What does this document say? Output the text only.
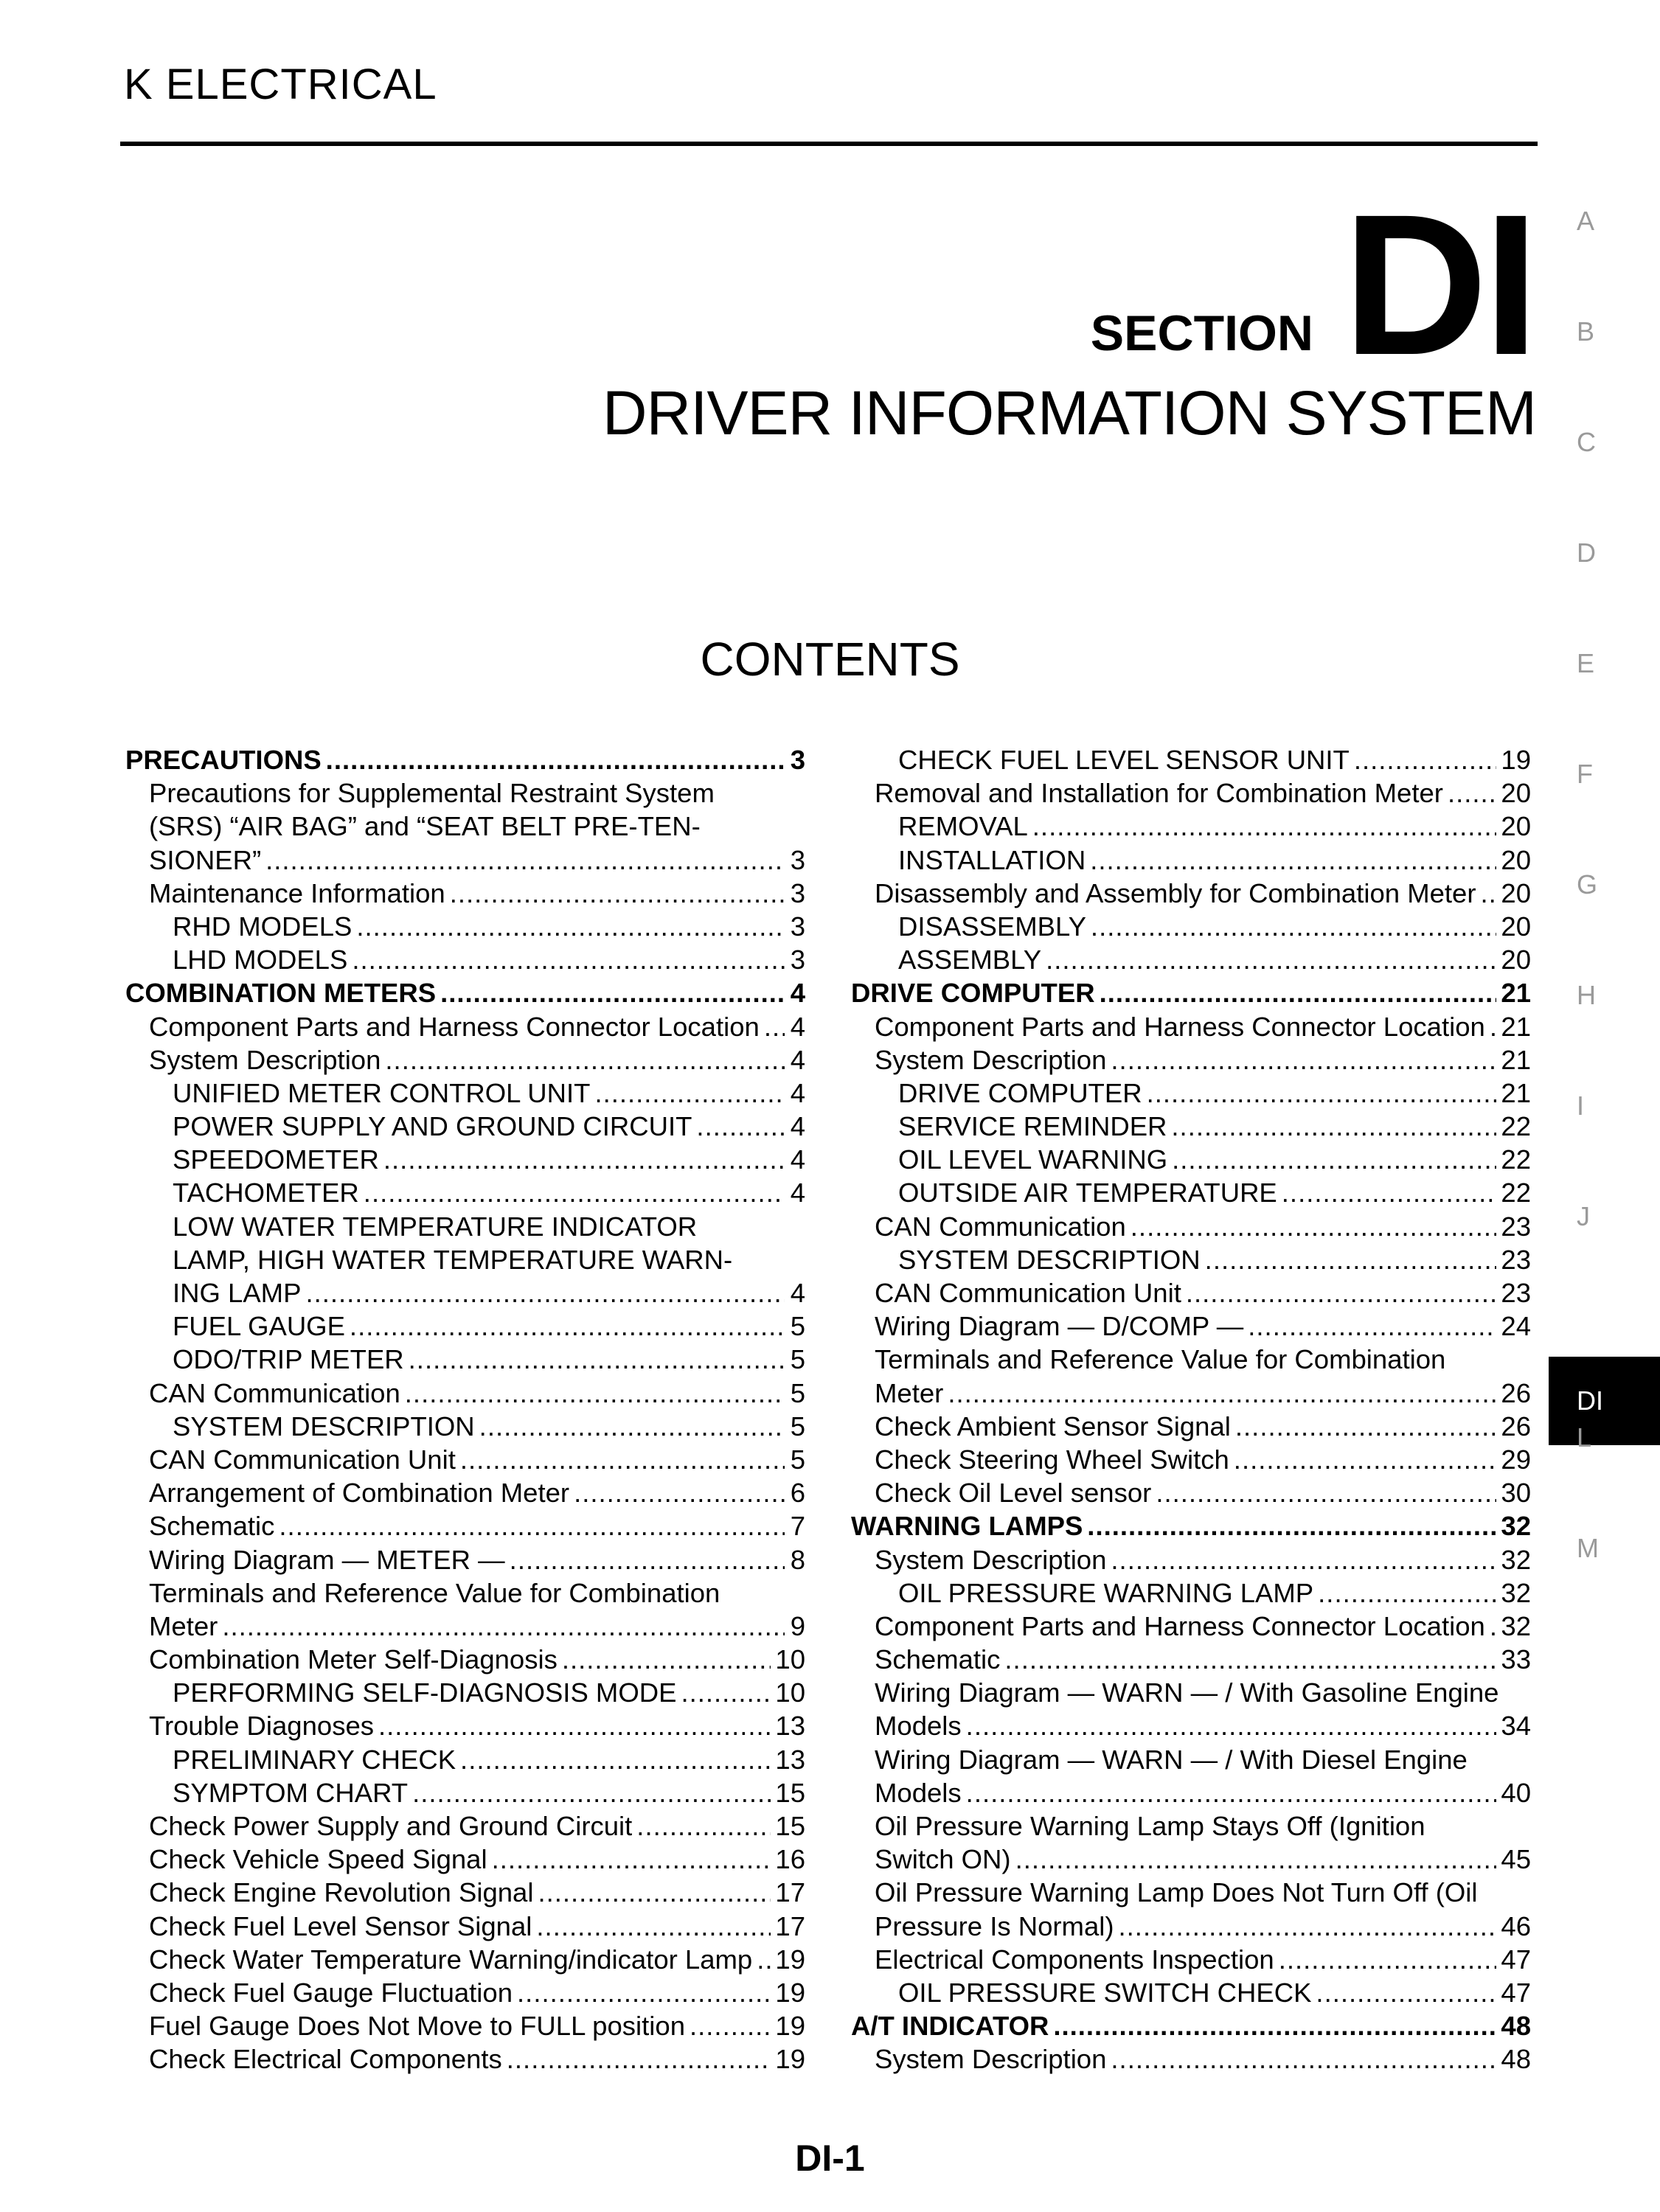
K ELECTRICAL
SECTION DI
DRIVER INFORMATION SYSTEM
CONTENTS
A
B
C
D
E
F
G
H
I
J
DI
L
M
PRECAUTIONS .....	3
Precautions for Supplemental Restraint System
(SRS) “AIR BAG” and “SEAT BELT PRE-TEN-
SIONER” .....	3
Maintenance Information .....	3
RHD MODELS .....	3
LHD MODELS .....	3
COMBINATION METERS .....	4
Component Parts and Harness Connector Location ..... 4
System Description .....	4
UNIFIED METER CONTROL UNIT .....	4
POWER SUPPLY AND GROUND CIRCUIT .....	4
SPEEDOMETER .....	4
TACHOMETER .....	4
LOW WATER TEMPERATURE INDICATOR
LAMP, HIGH WATER TEMPERATURE WARN-
ING LAMP .....	4
FUEL GAUGE .....	5
ODO/TRIP METER .....	5
CAN Communication .....	5
SYSTEM DESCRIPTION .....	5
CAN Communication Unit .....	5
Arrangement of Combination Meter .....	6
Schematic .....	7
Wiring Diagram — METER — .....	8
Terminals and Reference Value for Combination
Meter .....	9
Combination Meter Self-Diagnosis .....	10
PERFORMING SELF-DIAGNOSIS MODE .....	10
Trouble Diagnoses .....	13
PRELIMINARY CHECK .....	13
SYMPTOM CHART .....	15
Check Power Supply and Ground Circuit .....	15
Check Vehicle Speed Signal .....	16
Check Engine Revolution Signal .....	17
Check Fuel Level Sensor Signal .....	17
Check Water Temperature Warning/indicator Lamp ..... 19
Check Fuel Gauge Fluctuation .....	19
Fuel Gauge Does Not Move to FULL position .....	19
Check Electrical Components .....	19
CHECK FUEL LEVEL SENSOR UNIT .....	19
Removal and Installation for Combination Meter ..... 20
REMOVAL .....	20
INSTALLATION .....	20
Disassembly and Assembly for Combination Meter ..... 20
DISASSEMBLY .....	20
ASSEMBLY .....	20
DRIVE COMPUTER .....	21
Component Parts and Harness Connector Location ..... 21
System Description .....	21
DRIVE COMPUTER .....	21
SERVICE REMINDER .....	22
OIL LEVEL WARNING .....	22
OUTSIDE AIR TEMPERATURE .....	22
CAN Communication .....	23
SYSTEM DESCRIPTION .....	23
CAN Communication Unit .....	23
Wiring Diagram — D/COMP — .....	24
Terminals and Reference Value for Combination
Meter .....	26
Check Ambient Sensor Signal .....	26
Check Steering Wheel Switch .....	29
Check Oil Level sensor .....	30
WARNING LAMPS .....	32
System Description .....	32
OIL PRESSURE WARNING LAMP .....	32
Component Parts and Harness Connector Location ..... 32
Schematic .....	33
Wiring Diagram — WARN — / With Gasoline Engine
Models .....	34
Wiring Diagram — WARN — / With Diesel Engine
Models .....	40
Oil Pressure Warning Lamp Stays Off (Ignition
Switch ON) .....	45
Oil Pressure Warning Lamp Does Not Turn Off (Oil
Pressure Is Normal) .....	46
Electrical Components Inspection .....	47
OIL PRESSURE SWITCH CHECK .....	47
A/T INDICATOR .....	48
System Description .....	48
DI-1
